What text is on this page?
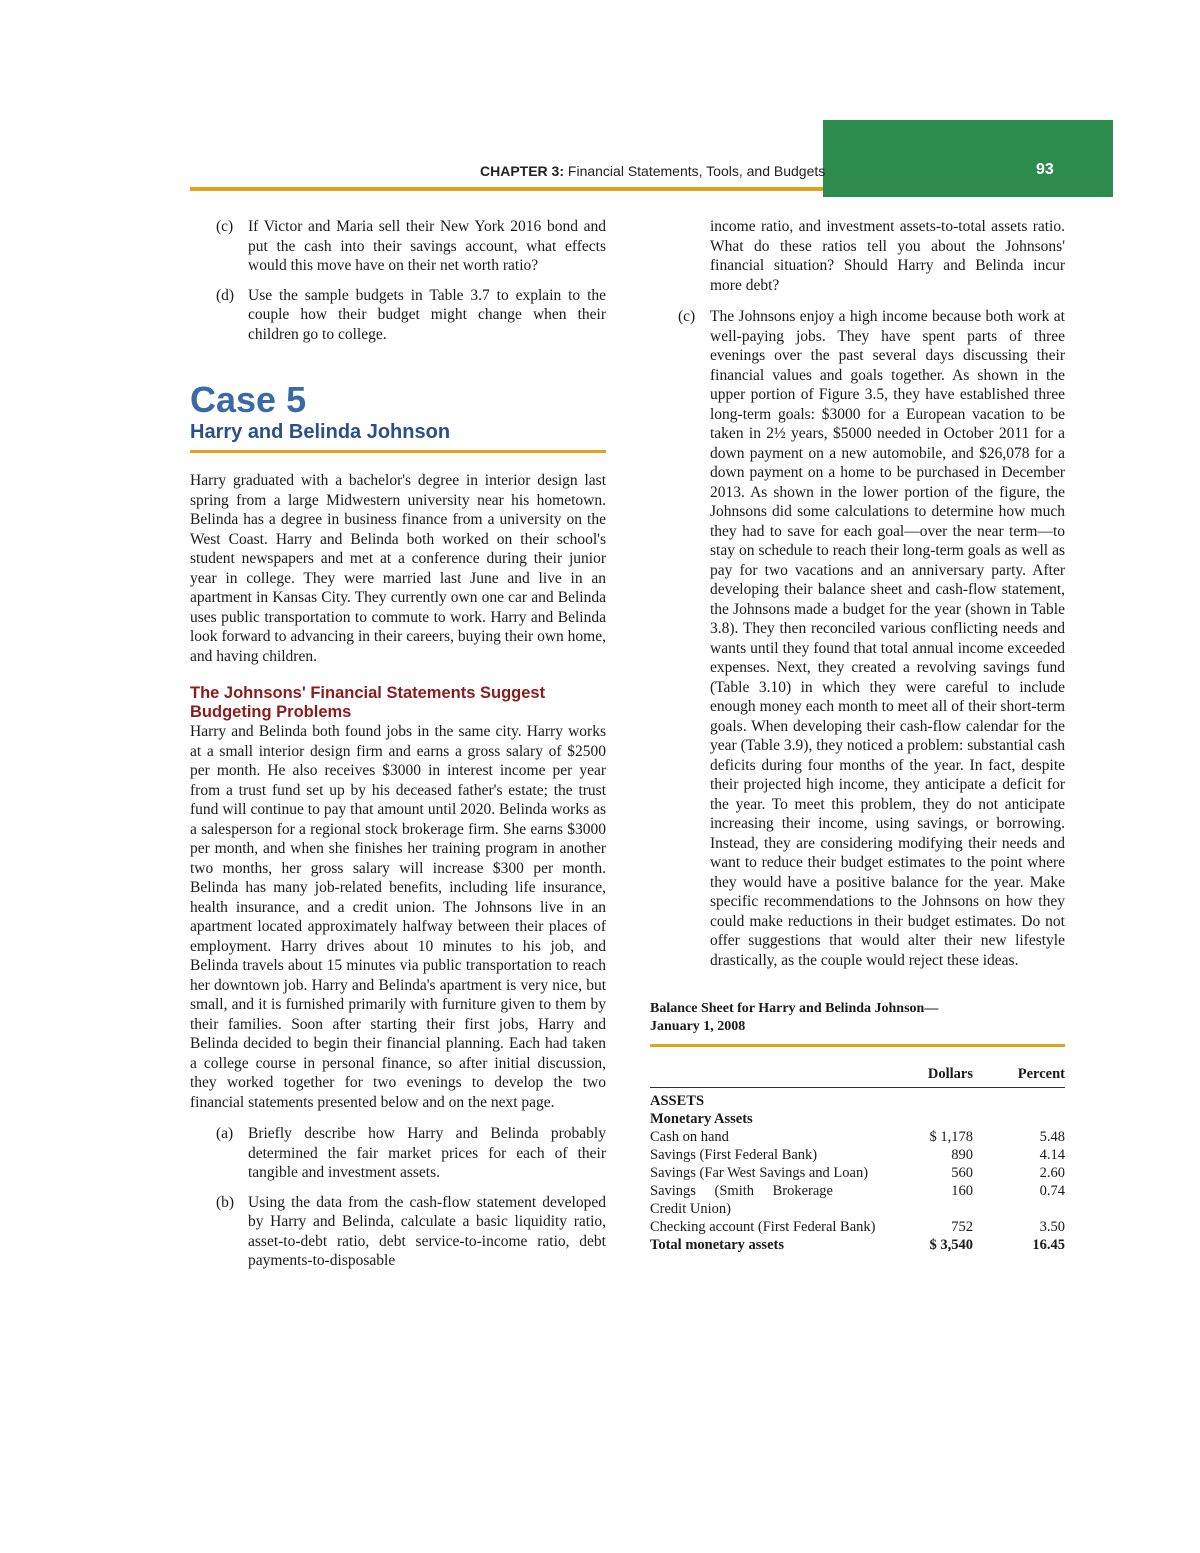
93
CHAPTER 3: Financial Statements, Tools, and Budgets
(c) If Victor and Maria sell their New York 2016 bond and put the cash into their savings account, what effects would this move have on their net worth ratio?

(d) Use the sample budgets in Table 3.7 to explain to the couple how their budget might change when their children go to college.

Case 5
Harry and Belinda Johnson

Harry graduated with a bachelor's degree in interior design last spring from a large Midwestern university near his hometown. Belinda has a degree in business finance from a university on the West Coast. Harry and Belinda both worked on their school's student newspapers and met at a conference during their junior year in college. They were married last June and live in an apartment in Kansas City. They currently own one car and Belinda uses public transportation to commute to work. Harry and Belinda look forward to advancing in their careers, buying their own home, and having children.

The Johnsons' Financial Statements Suggest Budgeting Problems

Harry and Belinda both found jobs in the same city. Harry works at a small interior design firm and earns a gross salary of $2500 per month. He also receives $3000 in interest income per year from a trust fund set up by his deceased father's estate; the trust fund will continue to pay that amount until 2020. Belinda works as a salesperson for a regional stock brokerage firm. She earns $3000 per month, and when she finishes her training program in another two months, her gross salary will increase $300 per month. Belinda has many job-related benefits, including life insurance, health insurance, and a credit union. The Johnsons live in an apartment located approximately halfway between their places of employment. Harry drives about 10 minutes to his job, and Belinda travels about 15 minutes via public transportation to reach her downtown job. Harry and Belinda's apartment is very nice, but small, and it is furnished primarily with furniture given to them by their families. Soon after starting their first jobs, Harry and Belinda decided to begin their financial planning. Each had taken a college course in personal finance, so after initial discussion, they worked together for two evenings to develop the two financial statements presented below and on the next page.

(a) Briefly describe how Harry and Belinda probably determined the fair market prices for each of their tangible and investment assets.

(b) Using the data from the cash-flow statement developed by Harry and Belinda, calculate a basic liquidity ratio, asset-to-debt ratio, debt service-to-income ratio, debt payments-to-disposable

income ratio, and investment assets-to-total assets ratio. What do these ratios tell you about the Johnsons' financial situation? Should Harry and Belinda incur more debt?

(c) The Johnsons enjoy a high income because both work at well-paying jobs. They have spent parts of three evenings over the past several days discussing their financial values and goals together. As shown in the upper portion of Figure 3.5, they have established three long-term goals: $3000 for a European vacation to be taken in 2½ years, $5000 needed in October 2011 for a down payment on a new automobile, and $26,078 for a down payment on a home to be purchased in December 2013. As shown in the lower portion of the figure, the Johnsons did some calculations to determine how much they had to save for each goal—over the near term—to stay on schedule to reach their long-term goals as well as pay for two vacations and an anniversary party. After developing their balance sheet and cash-flow statement, the Johnsons made a budget for the year (shown in Table 3.8). They then reconciled various conflicting needs and wants until they found that total annual income exceeded expenses. Next, they created a revolving savings fund (Table 3.10) in which they were careful to include enough money each month to meet all of their short-term goals. When developing their cash-flow calendar for the year (Table 3.9), they noticed a problem: substantial cash deficits during four months of the year. In fact, despite their projected high income, they anticipate a deficit for the year. To meet this problem, they do not anticipate increasing their income, using savings, or borrowing. Instead, they are considering modifying their needs and want to reduce their budget estimates to the point where they would have a positive balance for the year. Make specific recommendations to the Johnsons on how they could make reductions in their budget estimates. Do not offer suggestions that would alter their new lifestyle drastically, as the couple would reject these ideas.

Balance Sheet for Harry and Belinda Johnson—
January 1, 2008
	Dollars	Percent
ASSETS		
Monetary Assets		
Cash on hand	$ 1,178	5.48
Savings (First Federal Bank)	890	4.14
Savings (Far West Savings and Loan)	560	2.60
Savings (Smith Brokerage Credit Union)	160	0.74
Checking account (First Federal Bank)	752	3.50
Total monetary assets	$ 3,540	16.45
